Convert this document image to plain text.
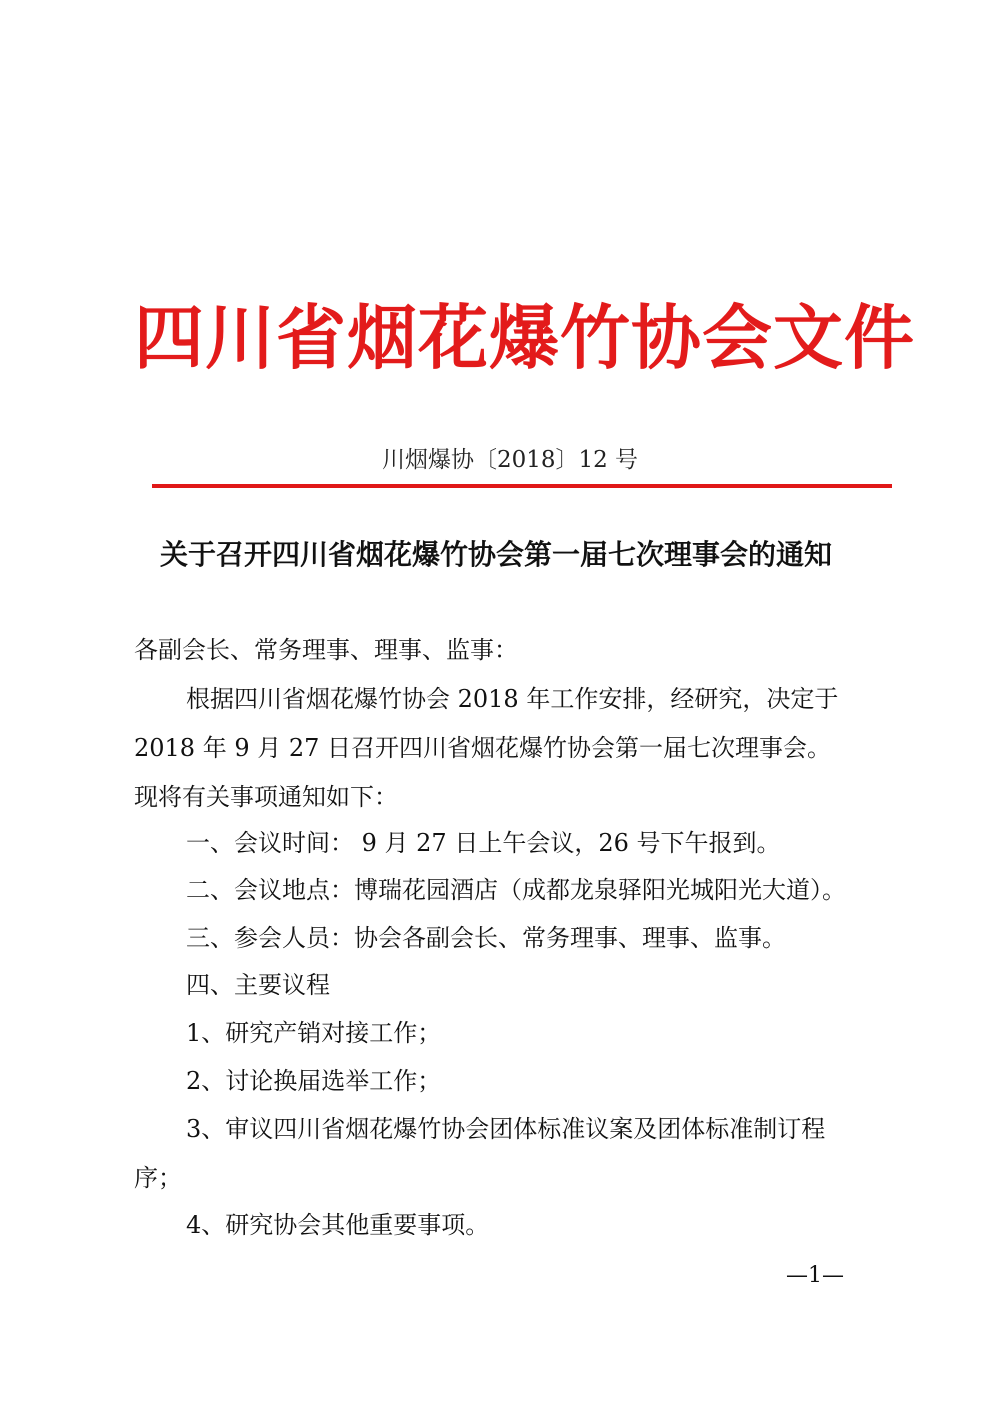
四川省烟花爆竹协会文件
川烟爆协〔2018〕12 号
关于召开四川省烟花爆竹协会第一届七次理事会的通知
各副会长、常务理事、理事、监事：
根据四川省烟花爆竹协会 2018 年工作安排，经研究，决定于
2018 年 9 月 27 日召开四川省烟花爆竹协会第一届七次理事会。
现将有关事项通知如下：
一、会议时间： 9 月 27 日上午会议，26 号下午报到。
二、会议地点：博瑞花园酒店（成都龙泉驿阳光城阳光大道）。
三、参会人员：协会各副会长、常务理事、理事、监事。
四、主要议程
1、研究产销对接工作；
2、讨论换届选举工作；
3、审议四川省烟花爆竹协会团体标准议案及团体标准制订程
序；
4、研究协会其他重要事项。
—1—
